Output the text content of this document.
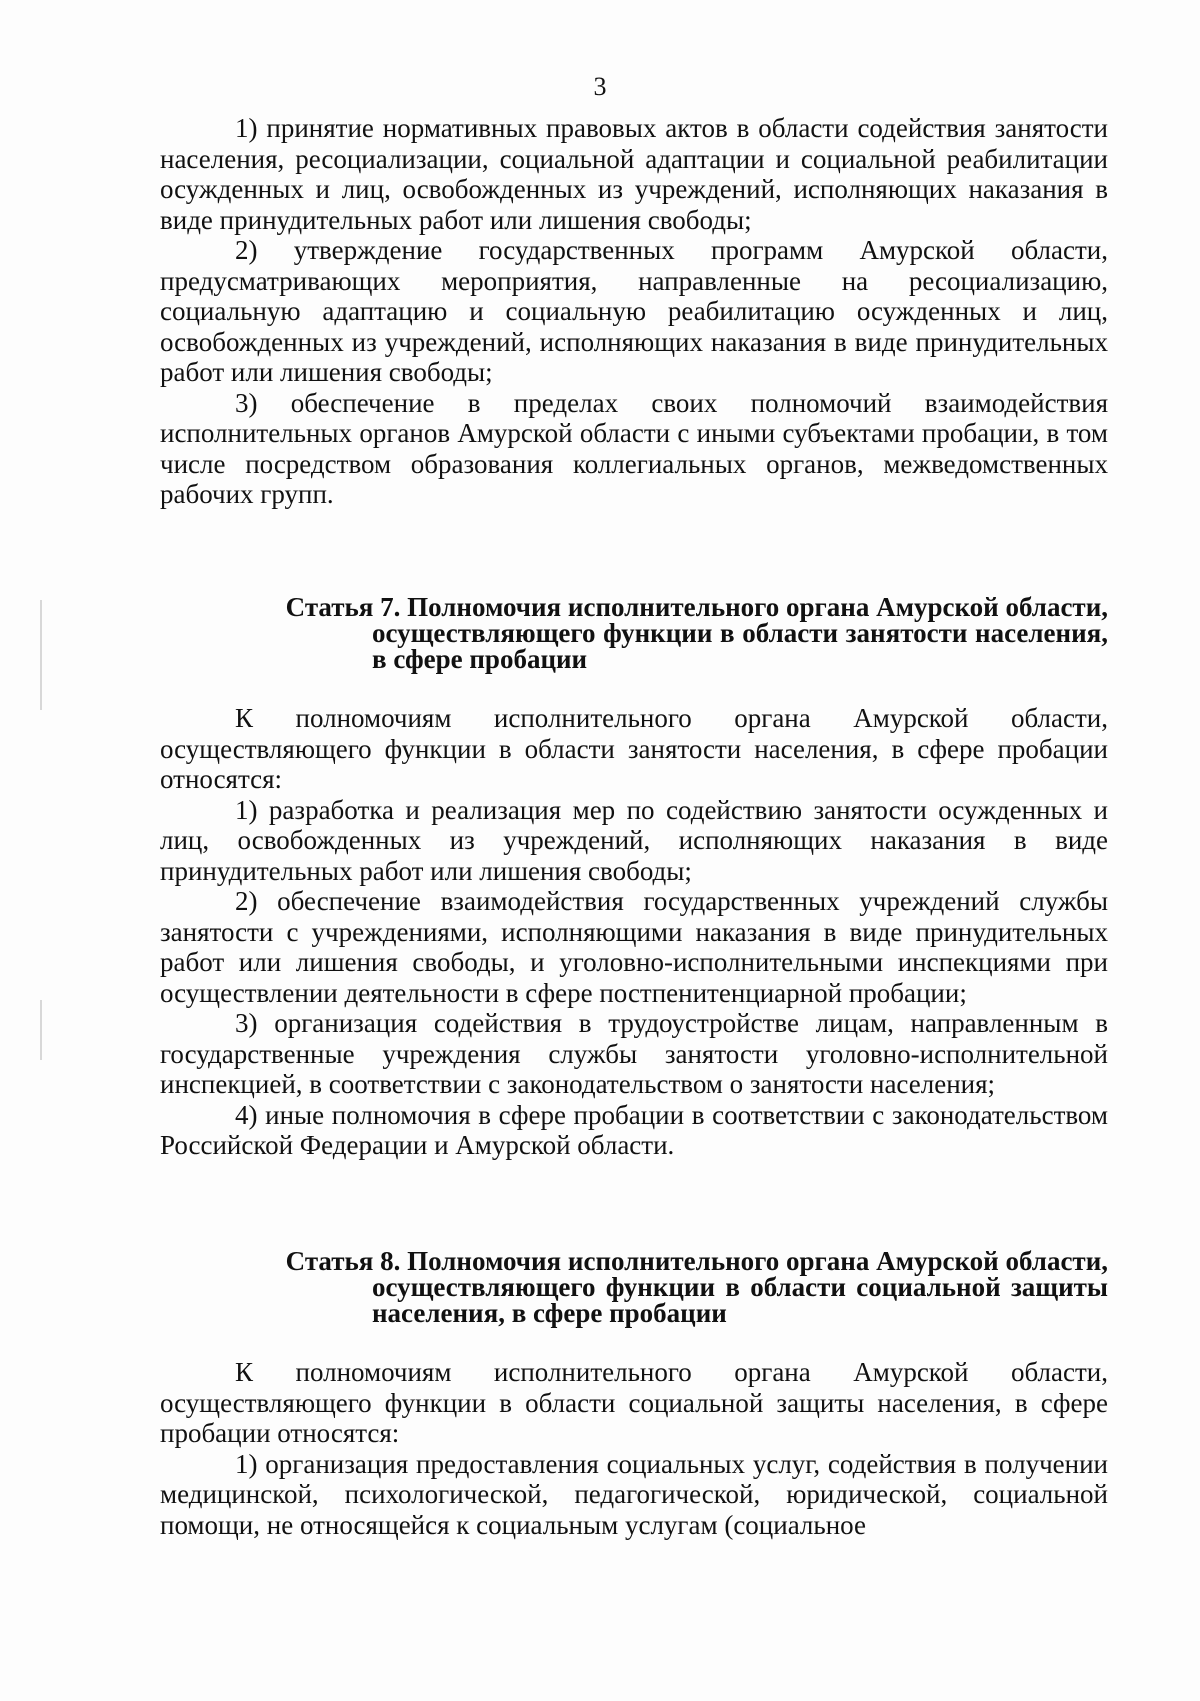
3

1) принятие нормативных правовых актов в области содействия занятости населения, ресоциализации, социальной адаптации и социальной реабилитации осужденных и лиц, освобожденных из учреждений, исполняющих наказания в виде принудительных работ или лишения свободы;

2) утверждение государственных программ Амурской области, предусматривающих мероприятия, направленные на ресоциализацию, социальную адаптацию и социальную реабилитацию осужденных и лиц, освобожденных из учреждений, исполняющих наказания в виде принудительных работ или лишения свободы;

3) обеспечение в пределах своих полномочий взаимодействия исполнительных органов Амурской области с иными субъектами пробации, в том числе посредством образования коллегиальных органов, межведомственных рабочих групп.

Статья 7. Полномочия исполнительного органа Амурской области,
осуществляющего функции в области занятости населения, в сфере пробации

К полномочиям исполнительного органа Амурской области, осуществляющего функции в области занятости населения, в сфере пробации относятся:

1) разработка и реализация мер по содействию занятости осужденных и лиц, освобожденных из учреждений, исполняющих наказания в виде принудительных работ или лишения свободы;

2) обеспечение взаимодействия государственных учреждений службы занятости с учреждениями, исполняющими наказания в виде принудительных работ или лишения свободы, и уголовно-исполнительными инспекциями при осуществлении деятельности в сфере постпенитенциарной пробации;

3) организация содействия в трудоустройстве лицам, направленным в государственные учреждения службы занятости уголовно-исполнительной инспекцией, в соответствии с законодательством о занятости населения;

4) иные полномочия в сфере пробации в соответствии с законодательством Российской Федерации и Амурской области.

Статья 8. Полномочия исполнительного органа Амурской области,
осуществляющего функции в области социальной защиты населения, в сфере пробации

К полномочиям исполнительного органа Амурской области, осуществляющего функции в области социальной защиты населения, в сфере пробации относятся:

1) организация предоставления социальных услуг, содействия в получении медицинской, психологической, педагогической, юридической, социальной помощи, не относящейся к социальным услугам (социальное
